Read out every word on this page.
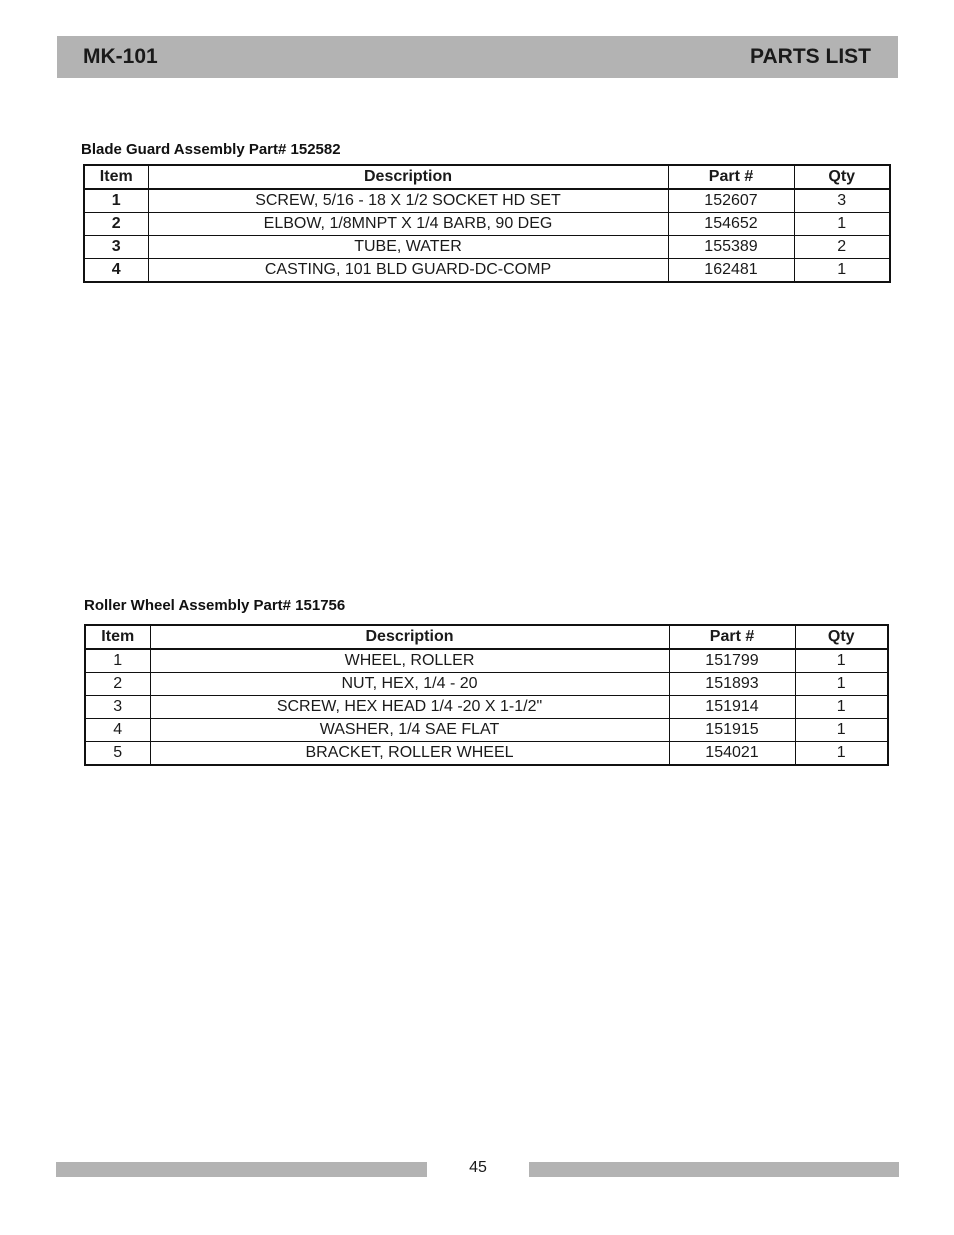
MK-101	PARTS LIST
Blade Guard Assembly Part# 152582
Item	Description	Part #	Qty
1	SCREW, 5/16 - 18 X 1/2 SOCKET HD SET	152607	3
2	ELBOW, 1/8MNPT X 1/4 BARB, 90 DEG	154652	1
3	TUBE, WATER	155389	2
4	CASTING, 101 BLD GUARD-DC-COMP	162481	1
Roller Wheel Assembly Part# 151756
Item	Description	Part #	Qty
1	WHEEL, ROLLER	151799	1
2	NUT, HEX, 1/4 - 20	151893	1
3	SCREW, HEX HEAD 1/4 -20 X 1-1/2"	151914	1
4	WASHER, 1/4 SAE FLAT	151915	1
5	BRACKET, ROLLER WHEEL	154021	1
45
